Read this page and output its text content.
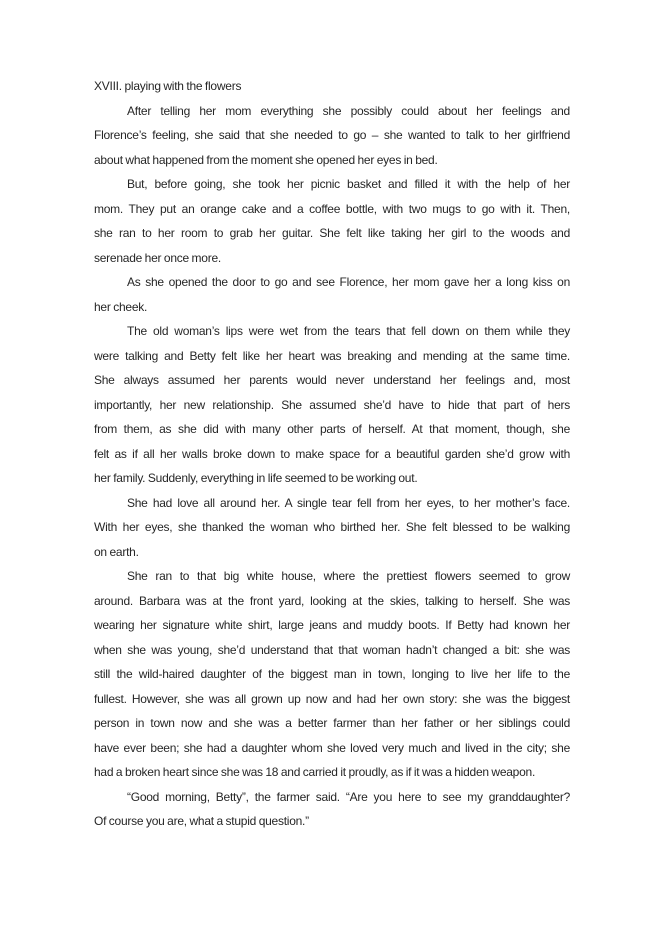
XVIII. playing with the flowers
After telling her mom everything she possibly could about her feelings and
Florence’s feeling, she said that she needed to go – she wanted to talk to her girlfriend
about what happened from the moment she opened her eyes in bed.
But, before going, she took her picnic basket and filled it with the help of her
mom. They put an orange cake and a coffee bottle, with two mugs to go with it. Then,
she ran to her room to grab her guitar. She felt like taking her girl to the woods and
serenade her once more.
As she opened the door to go and see Florence, her mom gave her a long kiss on
her cheek.
The old woman’s lips were wet from the tears that fell down on them while they
were talking and Betty felt like her heart was breaking and mending at the same time.
She always assumed her parents would never understand her feelings and, most
importantly, her new relationship. She assumed she’d have to hide that part of hers
from them, as she did with many other parts of herself. At that moment, though, she
felt as if all her walls broke down to make space for a beautiful garden she’d grow with
her family. Suddenly, everything in life seemed to be working out.
She had love all around her. A single tear fell from her eyes, to her mother’s face.
With her eyes, she thanked the woman who birthed her. She felt blessed to be walking
on earth.
She ran to that big white house, where the prettiest flowers seemed to grow
around. Barbara was at the front yard, looking at the skies, talking to herself. She was
wearing her signature white shirt, large jeans and muddy boots. If Betty had known her
when she was young, she’d understand that that woman hadn’t changed a bit: she was
still the wild-haired daughter of the biggest man in town, longing to live her life to the
fullest. However, she was all grown up now and had her own story: she was the biggest
person in town now and she was a better farmer than her father or her siblings could
have ever been; she had a daughter whom she loved very much and lived in the city; she
had a broken heart since she was 18 and carried it proudly, as if it was a hidden weapon.
“Good morning, Betty”, the farmer said. “Are you here to see my granddaughter?
Of course you are, what a stupid question.”
